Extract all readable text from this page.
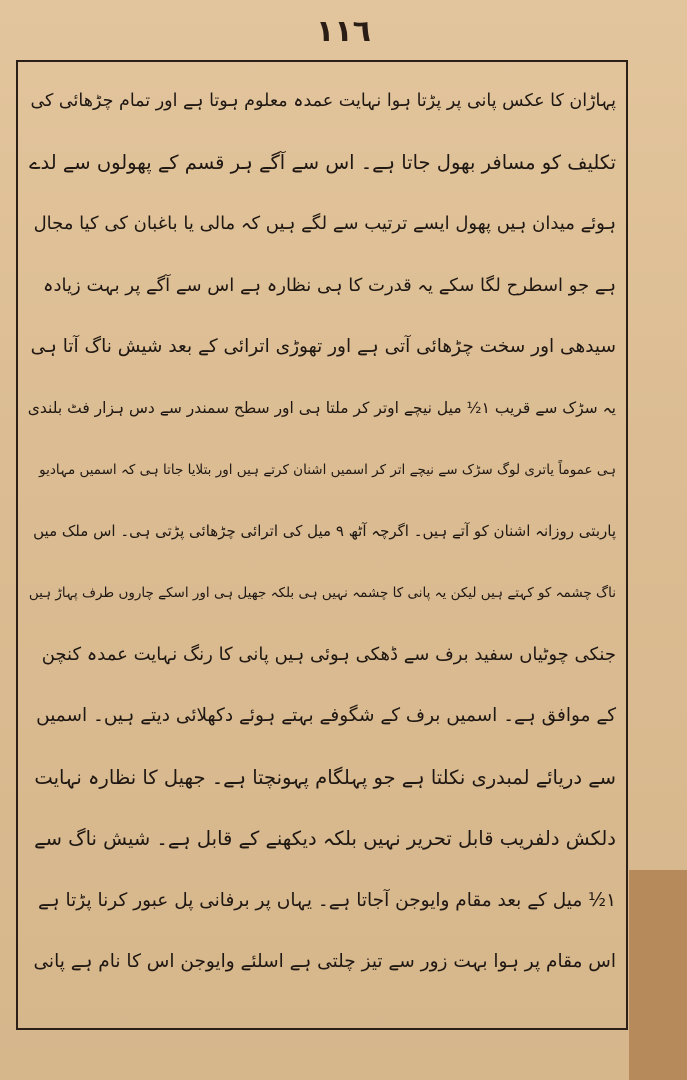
۱۱٦
پہاڑان کا عکس پانی پر پڑتا ہوا نہایت عمدہ معلوم ہوتا ہے اور تمام چڑھائی کی
تکلیف کو مسافر بھول جاتا ہے۔ اس سے آگے ہر قسم کے پھولوں سے لدے
ہوئے میدان ہیں پھول ایسے ترتیب سے لگے ہیں کہ مالی یا باغبان کی کیا مجال
ہے جو اسطرح لگا سکے یہ قدرت کا ہی نظارہ ہے اس سے آگے پر بہت زیادہ
سیدھی اور سخت چڑھائی آتی ہے اور تھوڑی اترائی کے بعد شیش ناگ آتا ہی
یہ سڑک سے قریب ۱½ میل نیچے اوتر کر ملتا ہی اور سطح سمندر سے دس ہزار فٹ بلندی
ہی عموماً یاتری لوگ سڑک سے نیچے اتر کر اسمیں اشنان کرتے ہیں اور بتلایا جاتا ہی کہ اسمیں مہادیو
پاربتی روزانہ اشنان کو آتے ہیں۔ اگرچہ آٹھ ۹ میل کی اترائی چڑھائی پڑتی ہی۔ اس ملک میں
ناگ چشمہ کو کہتے ہیں لیکن یہ پانی کا چشمہ نہیں ہی بلکہ جھیل ہی اور اسکے چاروں طرف پہاڑ ہیں
جنکی چوٹیاں سفید برف سے ڈھکی ہوئی ہیں پانی کا رنگ نہایت عمدہ کنچن
کے موافق ہے۔ اسمیں برف کے شگوفے بہتے ہوئے دکھلائی دیتے ہیں۔ اسمیں
سے دریائے لمبدری نکلتا ہے جو پہلگام پہونچتا ہے۔ جھیل کا نظارہ نہایت
دلکش دلفریب قابل تحریر نہیں بلکہ دیکھنے کے قابل ہے۔ شیش ناگ سے
۱½ میل کے بعد مقام وایوجن آجاتا ہے۔ یہاں پر برفانی پل عبور کرنا پڑتا ہے
اس مقام پر ہوا بہت زور سے تیز چلتی ہے اسلئے وایوجن اس کا نام ہے پانی
